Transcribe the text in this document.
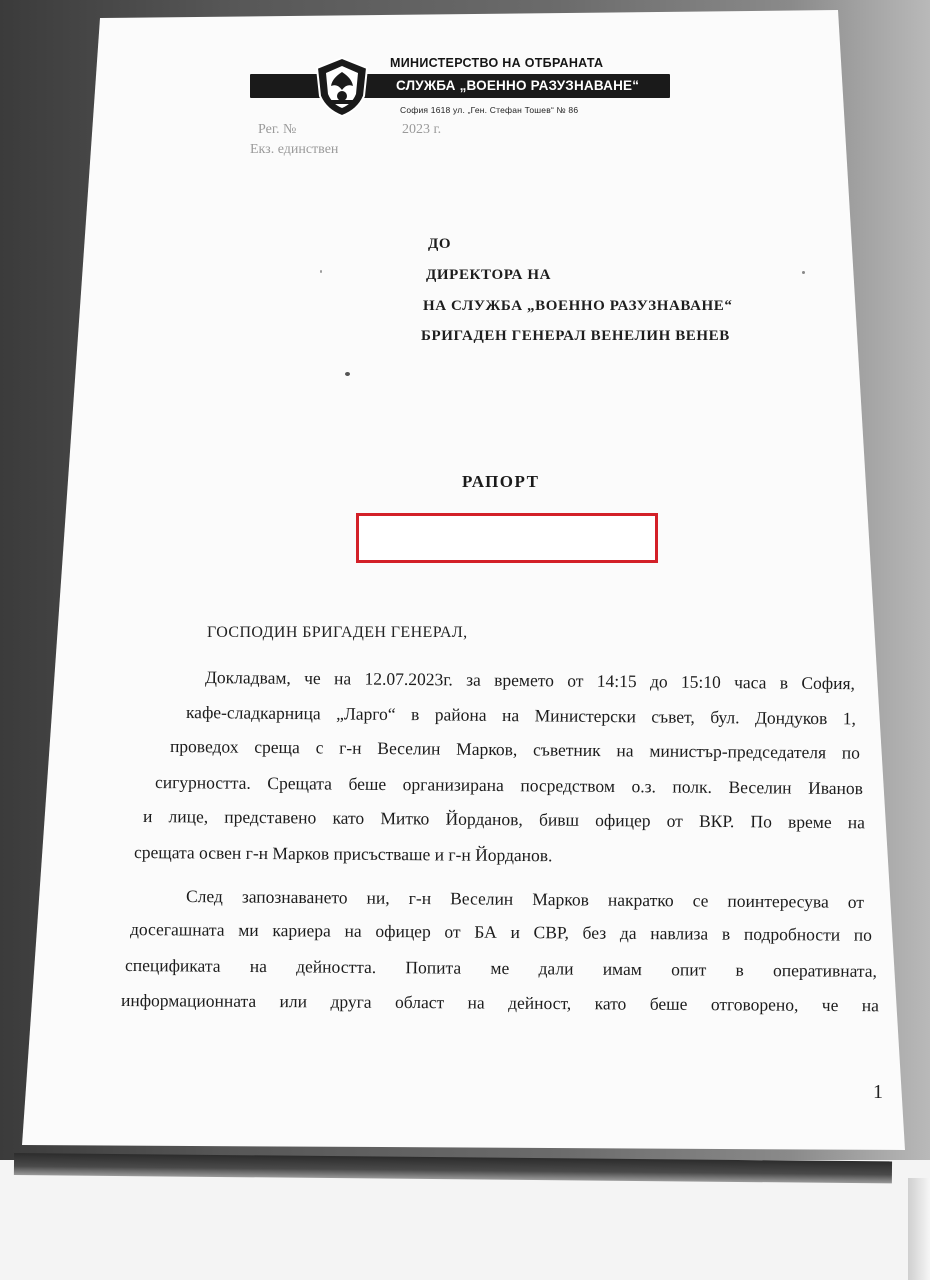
МИНИСТЕРСТВО НА ОТБРАНАТА
СЛУЖБА „ВОЕННО РАЗУЗНАВАНЕ“
София 1618 ул. „Ген. Стефан Тошев“ № 86
Рег. №	2023 г.
Екз. единствен
ДО
ДИРЕКТОРА НА
НА СЛУЖБА „ВОЕННО РАЗУЗНАВАНЕ“
БРИГАДЕН ГЕНЕРАЛ ВЕНЕЛИН ВЕНЕВ
РАПОРТ
ГОСПОДИН БРИГАДЕН ГЕНЕРАЛ,
Докладвам, че на 12.07.2023г. за времето от 14:15 до 15:10 часа в София,
кафе-сладкарница „Ларго“ в района на Министерски съвет, бул. Дондуков 1,
проведох среща с г-н Веселин Марков, съветник на министър-председателя по
сигурността. Срещата беше организирана посредством о.з. полк. Веселин Иванов
и лице, представено като Митко Йорданов, бивш офицер от ВКР. По време на
срещата освен г-н Марков присъстваше и г-н Йорданов.
След запознаването ни, г-н Веселин Марков накратко се поинтересува от
досегашната ми кариера на офицер от БА и СВР, без да навлиза в подробности по
спецификата на дейността. Попита ме дали имам опит в оперативната,
информационната или друга област на дейност, като беше отговорено, че на
1
